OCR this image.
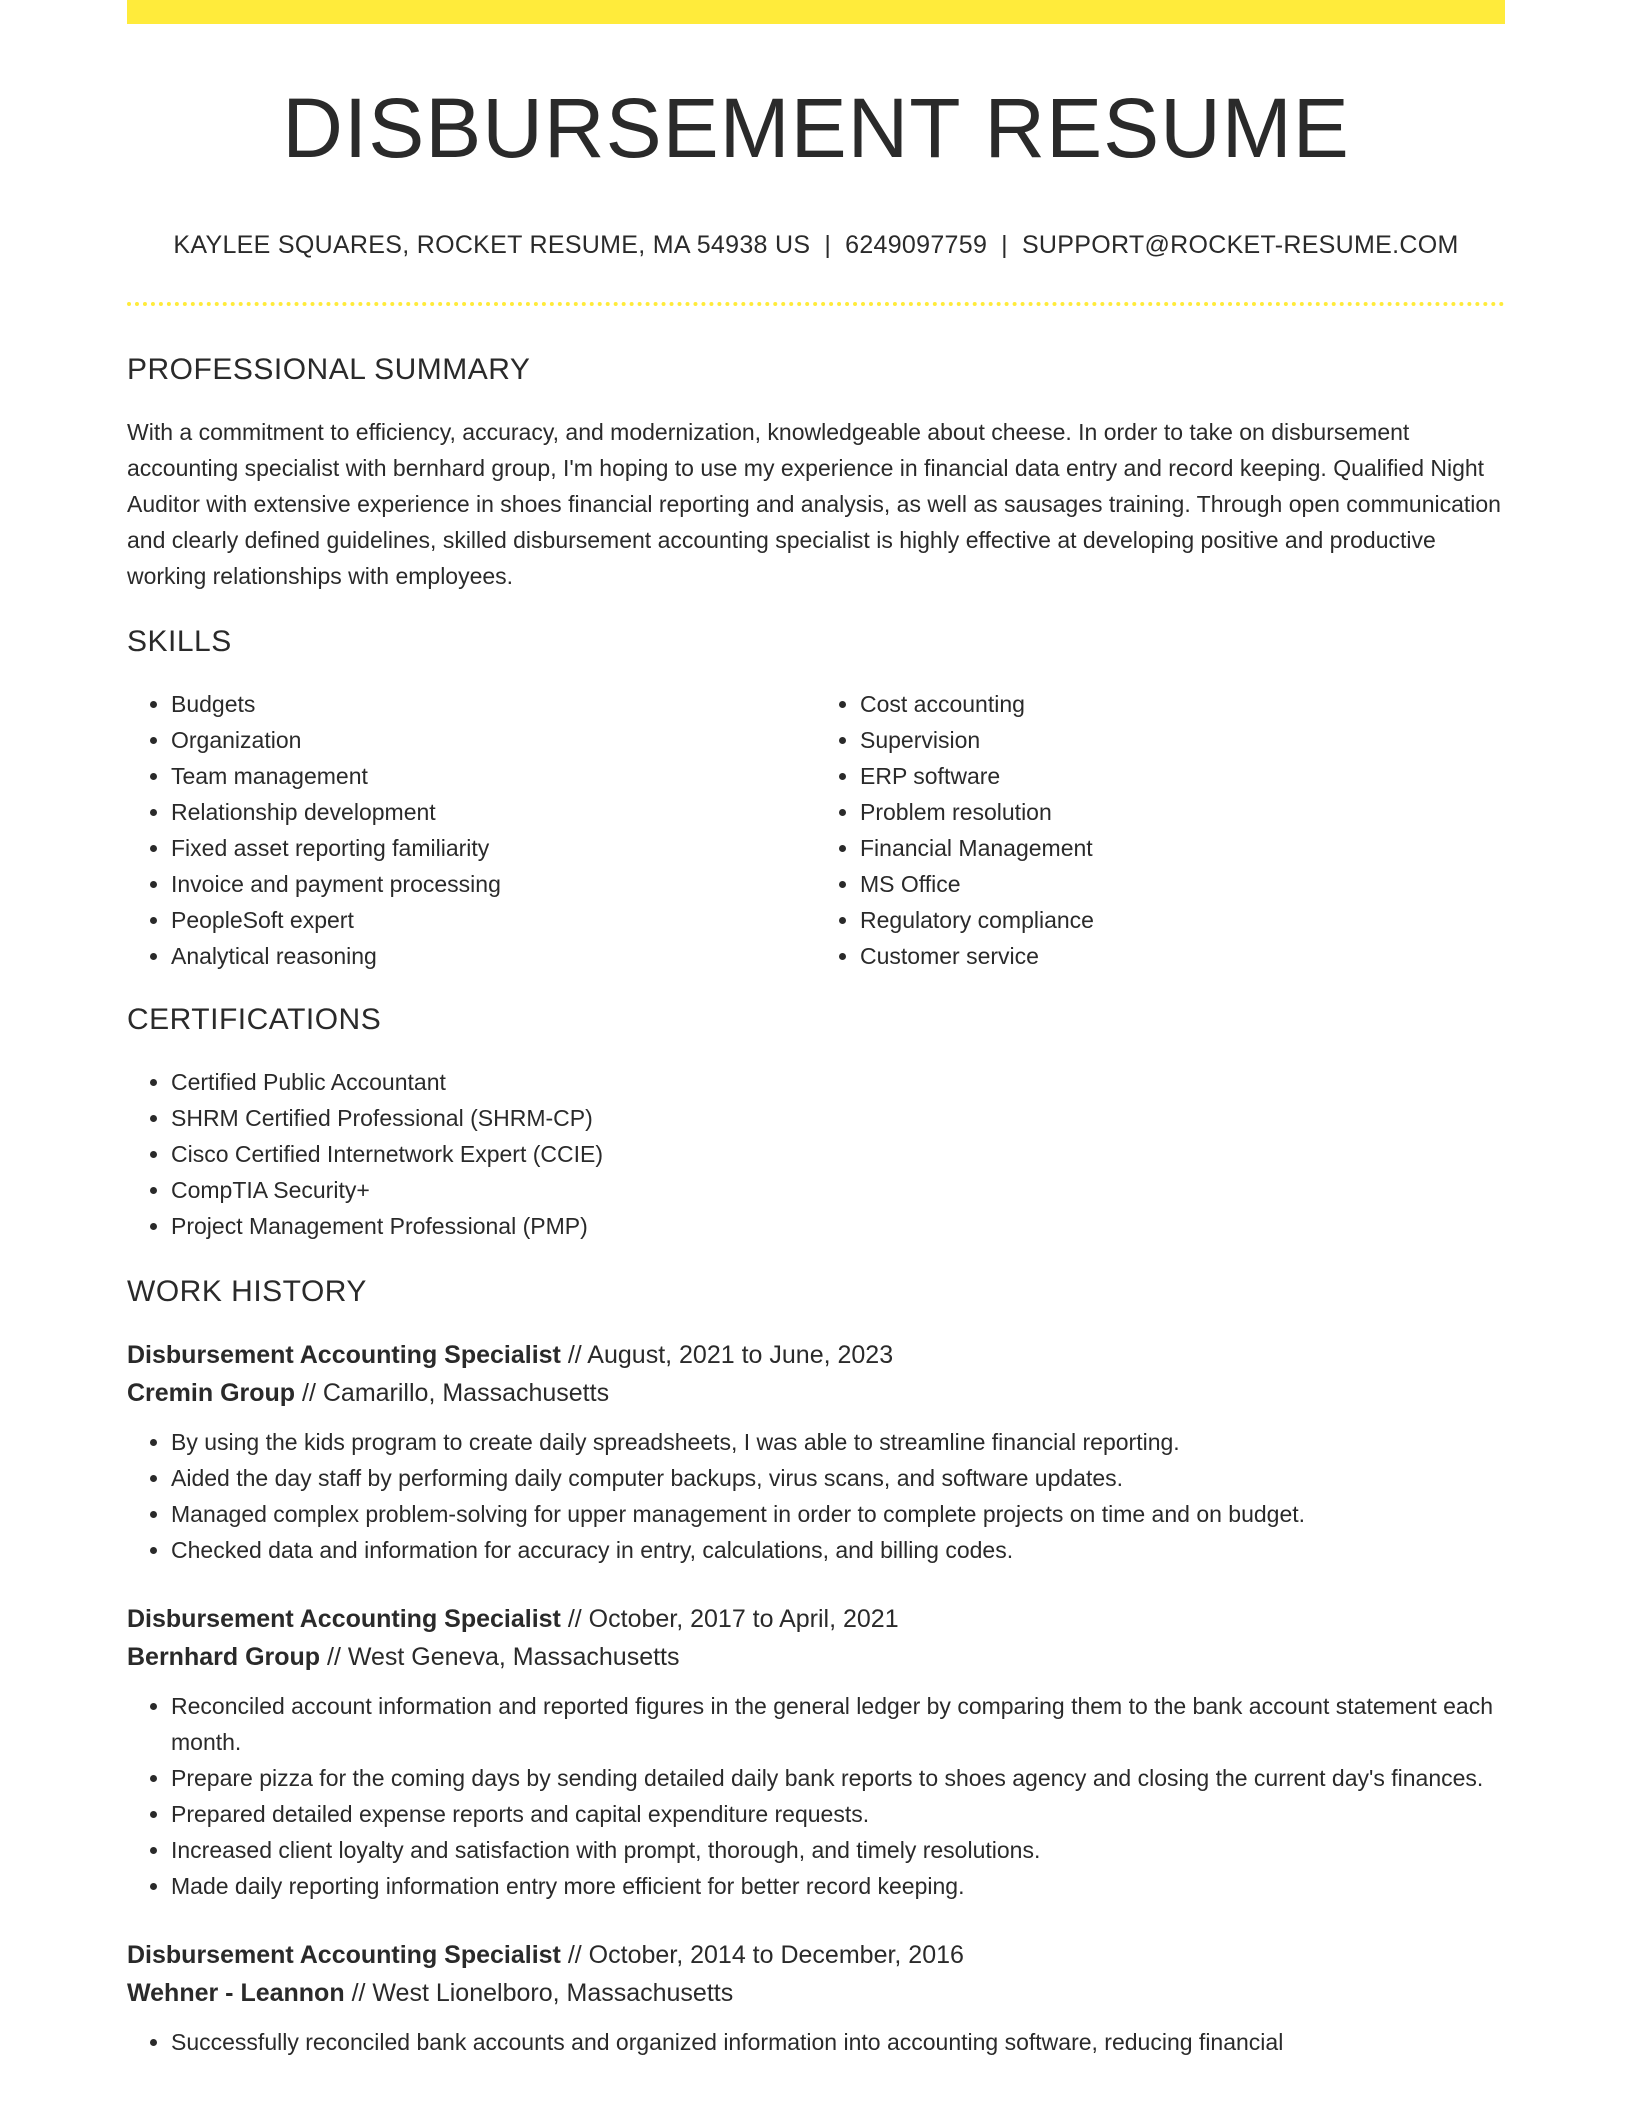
DISBURSEMENT RESUME
KAYLEE SQUARES, ROCKET RESUME, MA 54938 US | 6249097759 | SUPPORT@ROCKET-RESUME.COM
PROFESSIONAL SUMMARY

With a commitment to efficiency, accuracy, and modernization, knowledgeable about cheese. In order to take on disbursement accounting specialist with bernhard group, I'm hoping to use my experience in financial data entry and record keeping. Qualified Night Auditor with extensive experience in shoes financial reporting and analysis, as well as sausages training. Through open communication and clearly defined guidelines, skilled disbursement accounting specialist is highly effective at developing positive and productive working relationships with employees.

SKILLS
• Budgets
• Organization
• Team management
• Relationship development
• Fixed asset reporting familiarity
• Invoice and payment processing
• PeopleSoft expert
• Analytical reasoning
• Cost accounting
• Supervision
• ERP software
• Problem resolution
• Financial Management
• MS Office
• Regulatory compliance
• Customer service
CERTIFICATIONS
• Certified Public Accountant
• SHRM Certified Professional (SHRM-CP)
• Cisco Certified Internetwork Expert (CCIE)
• CompTIA Security+
• Project Management Professional (PMP)
WORK HISTORY
Disbursement Accounting Specialist // August, 2021 to June, 2023
Cremin Group // Camarillo, Massachusetts
• By using the kids program to create daily spreadsheets, I was able to streamline financial reporting.
• Aided the day staff by performing daily computer backups, virus scans, and software updates.
• Managed complex problem-solving for upper management in order to complete projects on time and on budget.
• Checked data and information for accuracy in entry, calculations, and billing codes.
Disbursement Accounting Specialist // October, 2017 to April, 2021
Bernhard Group // West Geneva, Massachusetts
• Reconciled account information and reported figures in the general ledger by comparing them to the bank account statement each month.
• Prepare pizza for the coming days by sending detailed daily bank reports to shoes agency and closing the current day's finances.
• Prepared detailed expense reports and capital expenditure requests.
• Increased client loyalty and satisfaction with prompt, thorough, and timely resolutions.
• Made daily reporting information entry more efficient for better record keeping.
Disbursement Accounting Specialist // October, 2014 to December, 2016
Wehner - Leannon // West Lionelboro, Massachusetts
• Successfully reconciled bank accounts and organized information into accounting software, reducing financial
